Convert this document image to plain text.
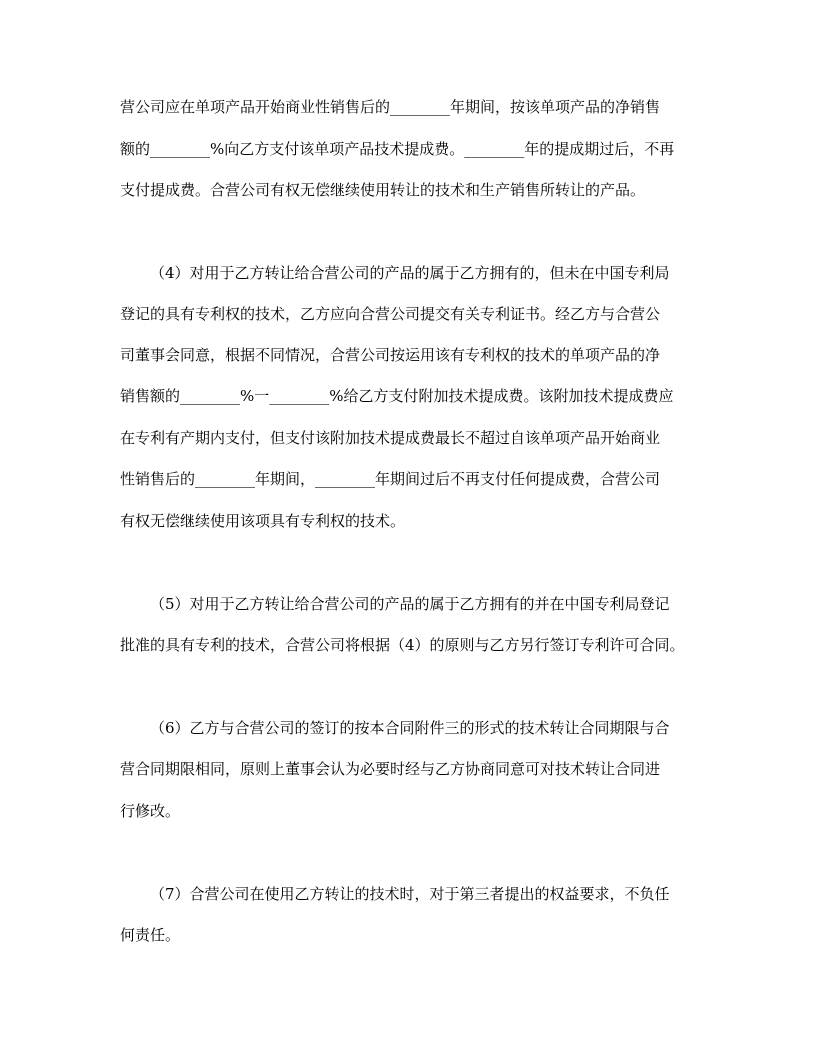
营公司应在单项产品开始商业性销售后的________年期间，按该单项产品的净销售
额的________%向乙方支付该单项产品技术提成费。________年的提成期过后，不再
支付提成费。合营公司有权无偿继续使用转让的技术和生产销售所转让的产品。
（4）对用于乙方转让给合营公司的产品的属于乙方拥有的，但未在中国专利局
登记的具有专利权的技术，乙方应向合营公司提交有关专利证书。经乙方与合营公
司董事会同意，根据不同情况，合营公司按运用该有专利权的技术的单项产品的净
销售额的________%一________%给乙方支付附加技术提成费。该附加技术提成费应
在专利有产期内支付，但支付该附加技术提成费最长不超过自该单项产品开始商业
性销售后的________年期间，________年期间过后不再支付任何提成费，合营公司
有权无偿继续使用该项具有专利权的技术。
（5）对用于乙方转让给合营公司的产品的属于乙方拥有的并在中国专利局登记
批准的具有专利的技术，合营公司将根据（4）的原则与乙方另行签订专利许可合同。
（6）乙方与合营公司的签订的按本合同附件三的形式的技术转让合同期限与合
营合同期限相同，原则上董事会认为必要时经与乙方协商同意可对技术转让合同进
行修改。
（7）合营公司在使用乙方转让的技术时，对于第三者提出的权益要求，不负任
何责任。
